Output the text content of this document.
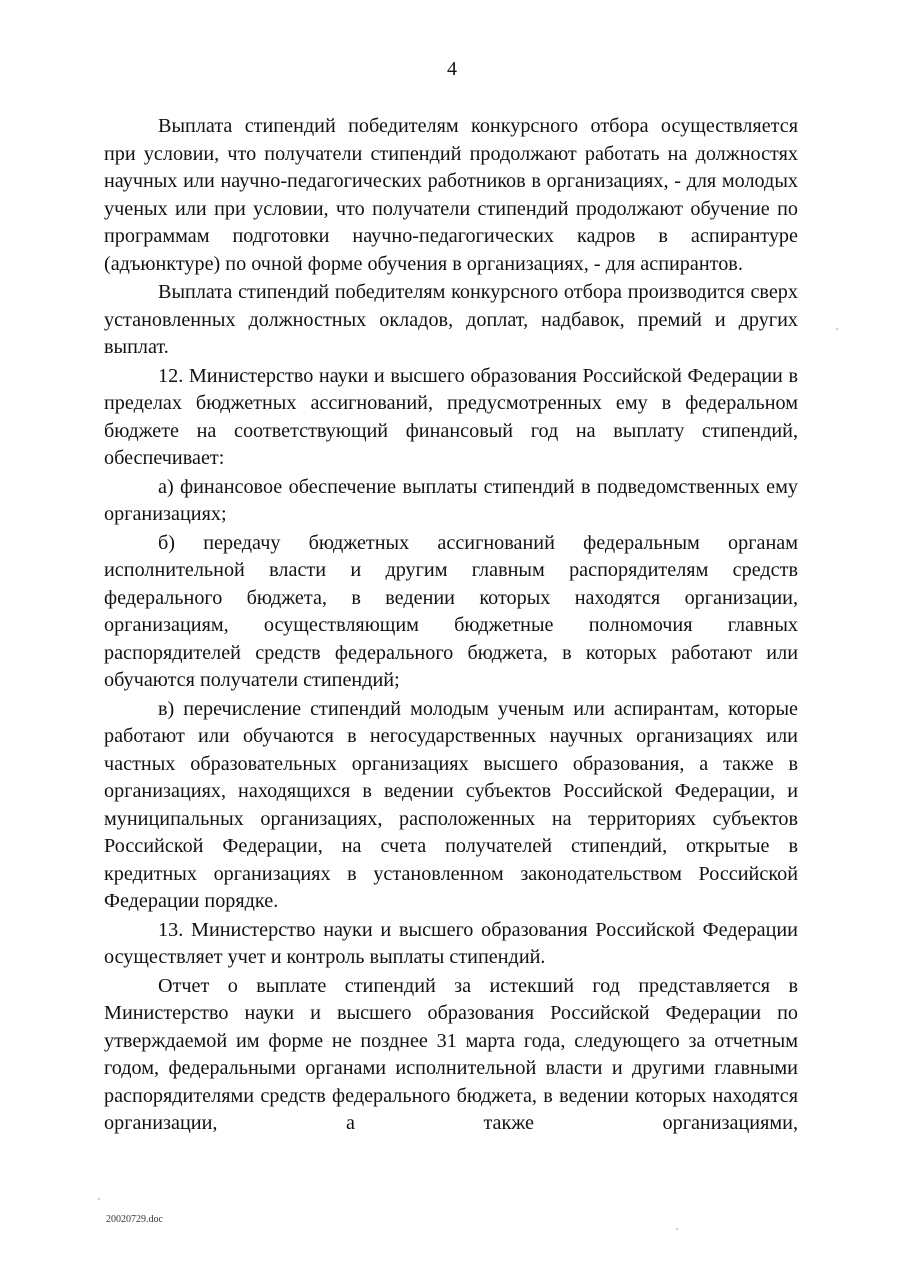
4

Выплата стипендий победителям конкурсного отбора осуществляется при условии, что получатели стипендий продолжают работать на должностях научных или научно-педагогических работников в организациях, - для молодых ученых или при условии, что получатели стипендий продолжают обучение по программам подготовки научно-педагогических кадров в аспирантуре (адъюнктуре) по очной форме обучения в организациях, - для аспирантов.

Выплата стипендий победителям конкурсного отбора производится сверх установленных должностных окладов, доплат, надбавок, премий и других выплат.

12. Министерство науки и высшего образования Российской Федерации в пределах бюджетных ассигнований, предусмотренных ему в федеральном бюджете на соответствующий финансовый год на выплату стипендий, обеспечивает:

а) финансовое обеспечение выплаты стипендий в подведомственных ему организациях;

б) передачу бюджетных ассигнований федеральным органам исполнительной власти и другим главным распорядителям средств федерального бюджета, в ведении которых находятся организации, организациям, осуществляющим бюджетные полномочия главных распорядителей средств федерального бюджета, в которых работают или обучаются получатели стипендий;

в) перечисление стипендий молодым ученым или аспирантам, которые работают или обучаются в негосударственных научных организациях или частных образовательных организациях высшего образования, а также в организациях, находящихся в ведении субъектов Российской Федерации, и муниципальных организациях, расположенных на территориях субъектов Российской Федерации, на счета получателей стипендий, открытые в кредитных организациях в установленном законодательством Российской Федерации порядке.

13. Министерство науки и высшего образования Российской Федерации осуществляет учет и контроль выплаты стипендий.

Отчет о выплате стипендий за истекший год представляется в Министерство науки и высшего образования Российской Федерации по утверждаемой им форме не позднее 31 марта года, следующего за отчетным годом, федеральными органами исполнительной власти и другими главными распорядителями средств федерального бюджета, в ведении которых находятся организации, а также организациями,

20020729.doc
